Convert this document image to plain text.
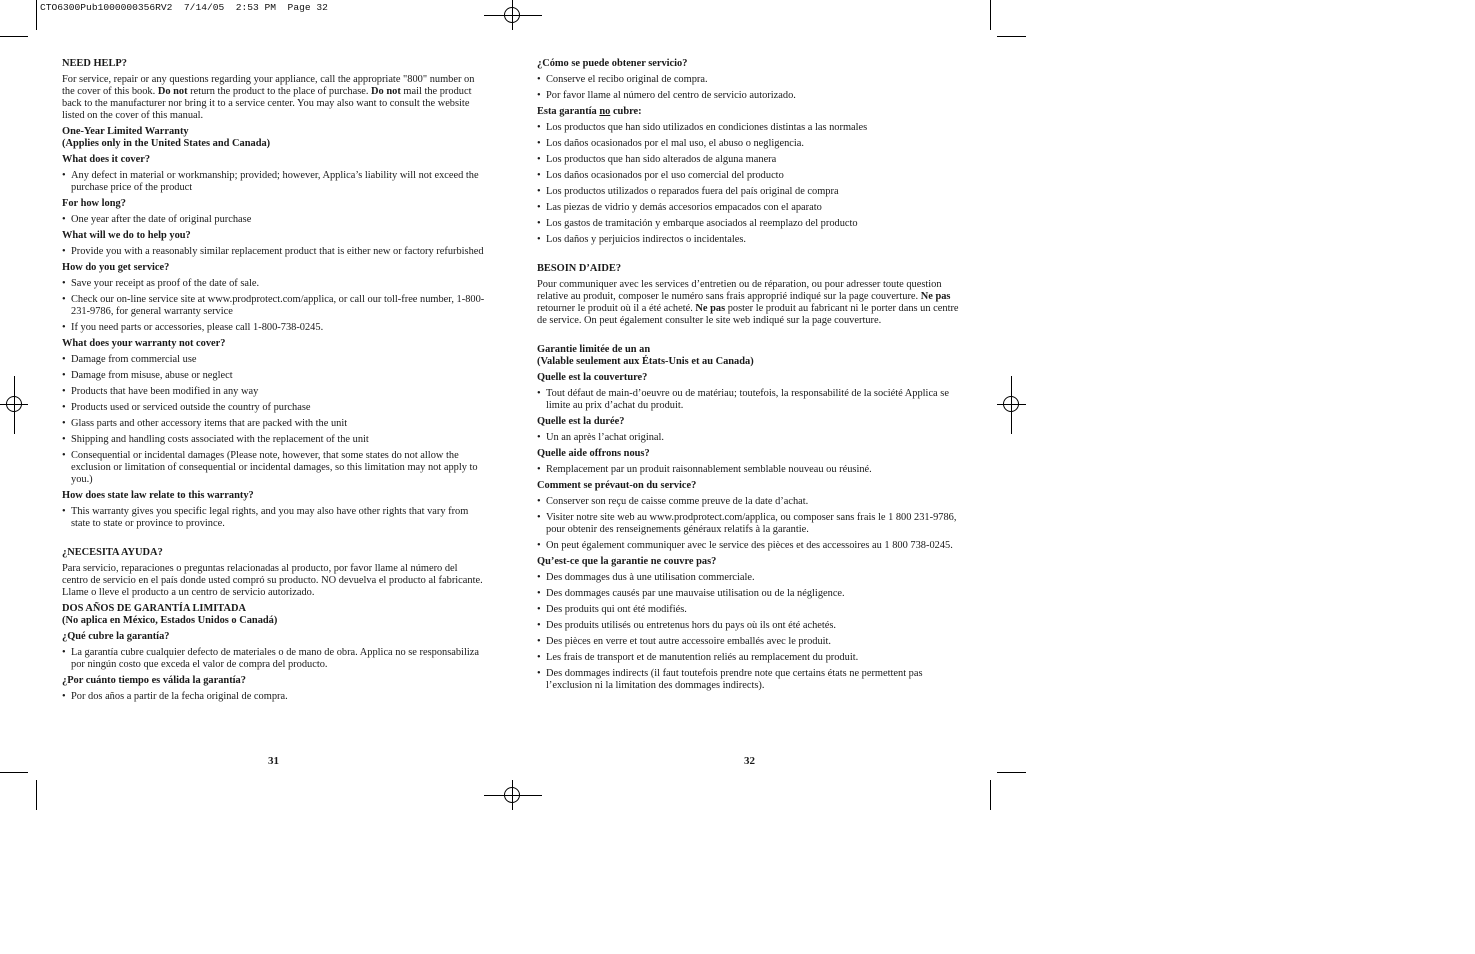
CTO6300Pub1000000356RV2  7/14/05  2:53 PM  Page 32
NEED HELP?

For service, repair or any questions regarding your appliance, call the appropriate "800" number on the cover of this book. Do not return the product to the place of purchase. Do not mail the product back to the manufacturer nor bring it to a service center. You may also want to consult the website listed on the cover of this manual.

One-Year Limited Warranty
(Applies only in the United States and Canada)
What does it cover?
• Any defect in material or workmanship; provided; however, Applica’s liability will not exceed the purchase price of the product
For how long?
• One year after the date of original purchase
What will we do to help you?
• Provide you with a reasonably similar replacement product that is either new or factory refurbished
How do you get service?
• Save your receipt as proof of the date of sale.
• Check our on-line service site at www.prodprotect.com/applica, or call our toll-free number, 1-800-231-9786, for general warranty service
• If you need parts or accessories, please call 1-800-738-0245.
What does your warranty not cover?
• Damage from commercial use
• Damage from misuse, abuse or neglect
• Products that have been modified in any way
• Products used or serviced outside the country of purchase
• Glass parts and other accessory items that are packed with the unit
• Shipping and handling costs associated with the replacement of the unit
• Consequential or incidental damages (Please note, however, that some states do not allow the exclusion or limitation of consequential or incidental damages, so this limitation may not apply to you.)
How does state law relate to this warranty?
• This warranty gives you specific legal rights, and you may also have other rights that vary from state to state or province to province.
¿NECESITA AYUDA?

Para servicio, reparaciones o preguntas relacionadas al producto, por favor llame al número del centro de servicio en el país donde usted compró su producto. NO devuelva el producto al fabricante. Llame o lleve el producto a un centro de servicio autorizado.

DOS AÑOS DE GARANTÍA LIMITADA
(No aplica en México, Estados Unidos o Canadá)
¿Qué cubre la garantía?
• La garantía cubre cualquier defecto de materiales o de mano de obra. Applica no se responsabiliza por ningún costo que exceda el valor de compra del producto.
¿Por cuánto tiempo es válida la garantía?
• Por dos años a partir de la fecha original de compra.
31
¿Cómo se puede obtener servicio?
• Conserve el recibo original de compra.
• Por favor llame al número del centro de servicio autorizado.
Esta garantía no cubre:
• Los productos que han sido utilizados en condiciones distintas a las normales
• Los daños ocasionados por el mal uso, el abuso o negligencia.
• Los productos que han sido alterados de alguna manera
• Los daños ocasionados por el uso comercial del producto
• Los productos utilizados o reparados fuera del país original de compra
• Las piezas de vidrio y demás accesorios empacados con el aparato
• Los gastos de tramitación y embarque asociados al reemplazo del producto
• Los daños y perjuicios indirectos o incidentales.
BESOIN D’AIDE?

Pour communiquer avec les services d’entretien ou de réparation, ou pour adresser toute question relative au produit, composer le numéro sans frais approprié indiqué sur la page couverture. Ne pas retourner le produit où il a été acheté. Ne pas poster le produit au fabricant ni le porter dans un centre de service. On peut également consulter le site web indiqué sur la page couverture.

Garantie limitée de un an
(Valable seulement aux États-Unis et au Canada)
Quelle est la couverture?
• Tout défaut de main-d’oeuvre ou de matériau; toutefois, la responsabilité de la société Applica se limite au prix d’achat du produit.
Quelle est la durée?
• Un an après l’achat original.
Quelle aide offrons nous?
• Remplacement par un produit raisonnablement semblable nouveau ou réusiné.
Comment se prévaut-on du service?
• Conserver son reçu de caisse comme preuve de la date d’achat.
• Visiter notre site web au www.prodprotect.com/applica, ou composer sans frais le 1 800 231-9786, pour obtenir des renseignements généraux relatifs à la garantie.
• On peut également communiquer avec le service des pièces et des accessoires au 1 800 738-0245.
Qu’est-ce que la garantie ne couvre pas?
• Des dommages dus à une utilisation commerciale.
• Des dommages causés par une mauvaise utilisation ou de la négligence.
• Des produits qui ont été modifiés.
• Des produits utilisés ou entretenus hors du pays où ils ont été achetés.
• Des pièces en verre et tout autre accessoire emballés avec le produit.
• Les frais de transport et de manutention reliés au remplacement du produit.
• Des dommages indirects (il faut toutefois prendre note que certains états ne permettent pas l’exclusion ni la limitation des dommages indirects).
32
